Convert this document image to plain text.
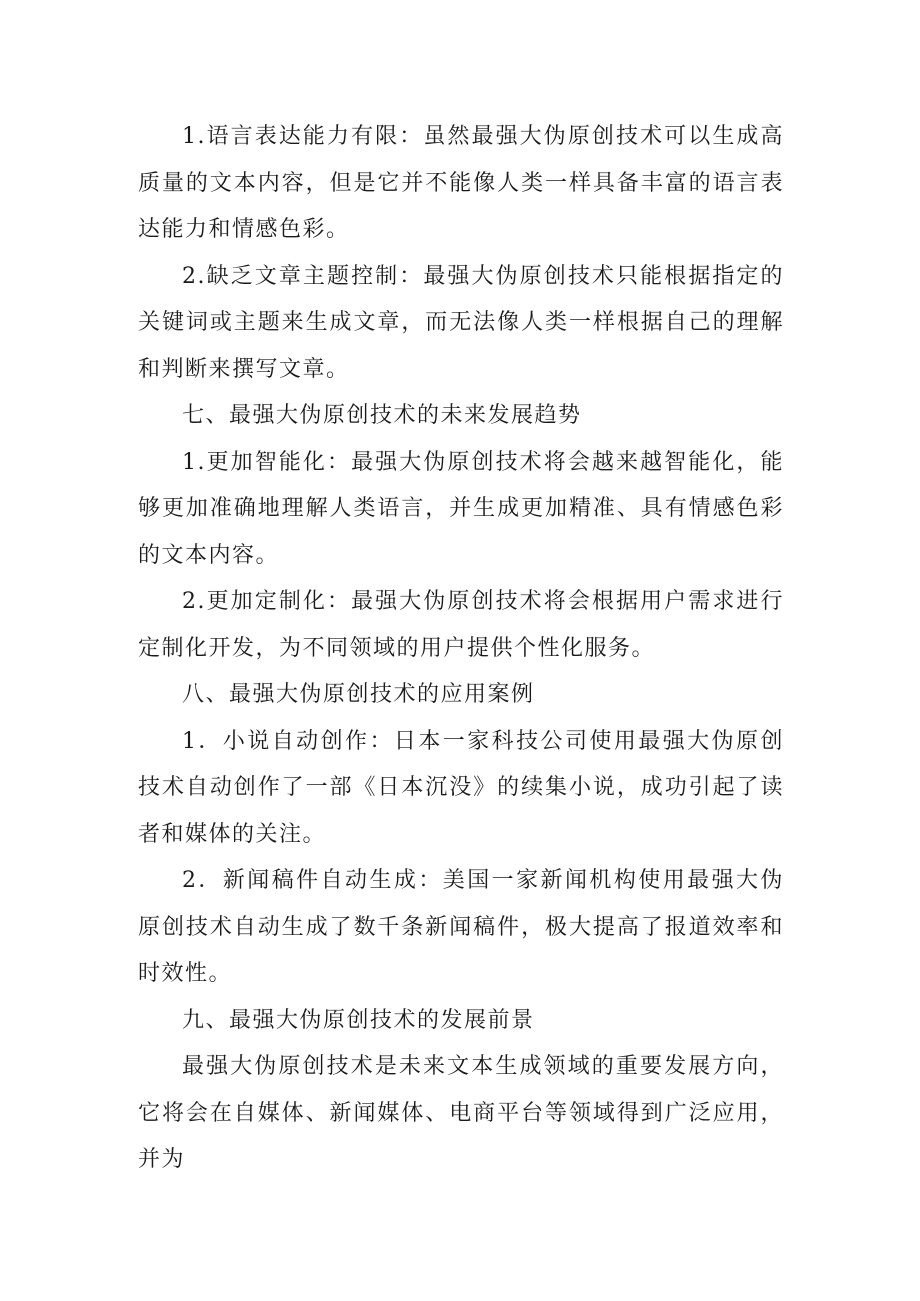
1.语言表达能力有限：虽然最强大伪原创技术可以生成高质量的文本内容，但是它并不能像人类一样具备丰富的语言表达能力和情感色彩。

2.缺乏文章主题控制：最强大伪原创技术只能根据指定的关键词或主题来生成文章，而无法像人类一样根据自己的理解和判断来撰写文章。

七、最强大伪原创技术的未来发展趋势

1.更加智能化：最强大伪原创技术将会越来越智能化，能够更加准确地理解人类语言，并生成更加精准、具有情感色彩的文本内容。

2.更加定制化：最强大伪原创技术将会根据用户需求进行定制化开发，为不同领域的用户提供个性化服务。

八、最强大伪原创技术的应用案例

1．小说自动创作：日本一家科技公司使用最强大伪原创技术自动创作了一部《日本沉没》的续集小说，成功引起了读者和媒体的关注。

2．新闻稿件自动生成：美国一家新闻机构使用最强大伪原创技术自动生成了数千条新闻稿件，极大提高了报道效率和时效性。

九、最强大伪原创技术的发展前景

最强大伪原创技术是未来文本生成领域的重要发展方向，它将会在自媒体、新闻媒体、电商平台等领域得到广泛应用，并为
